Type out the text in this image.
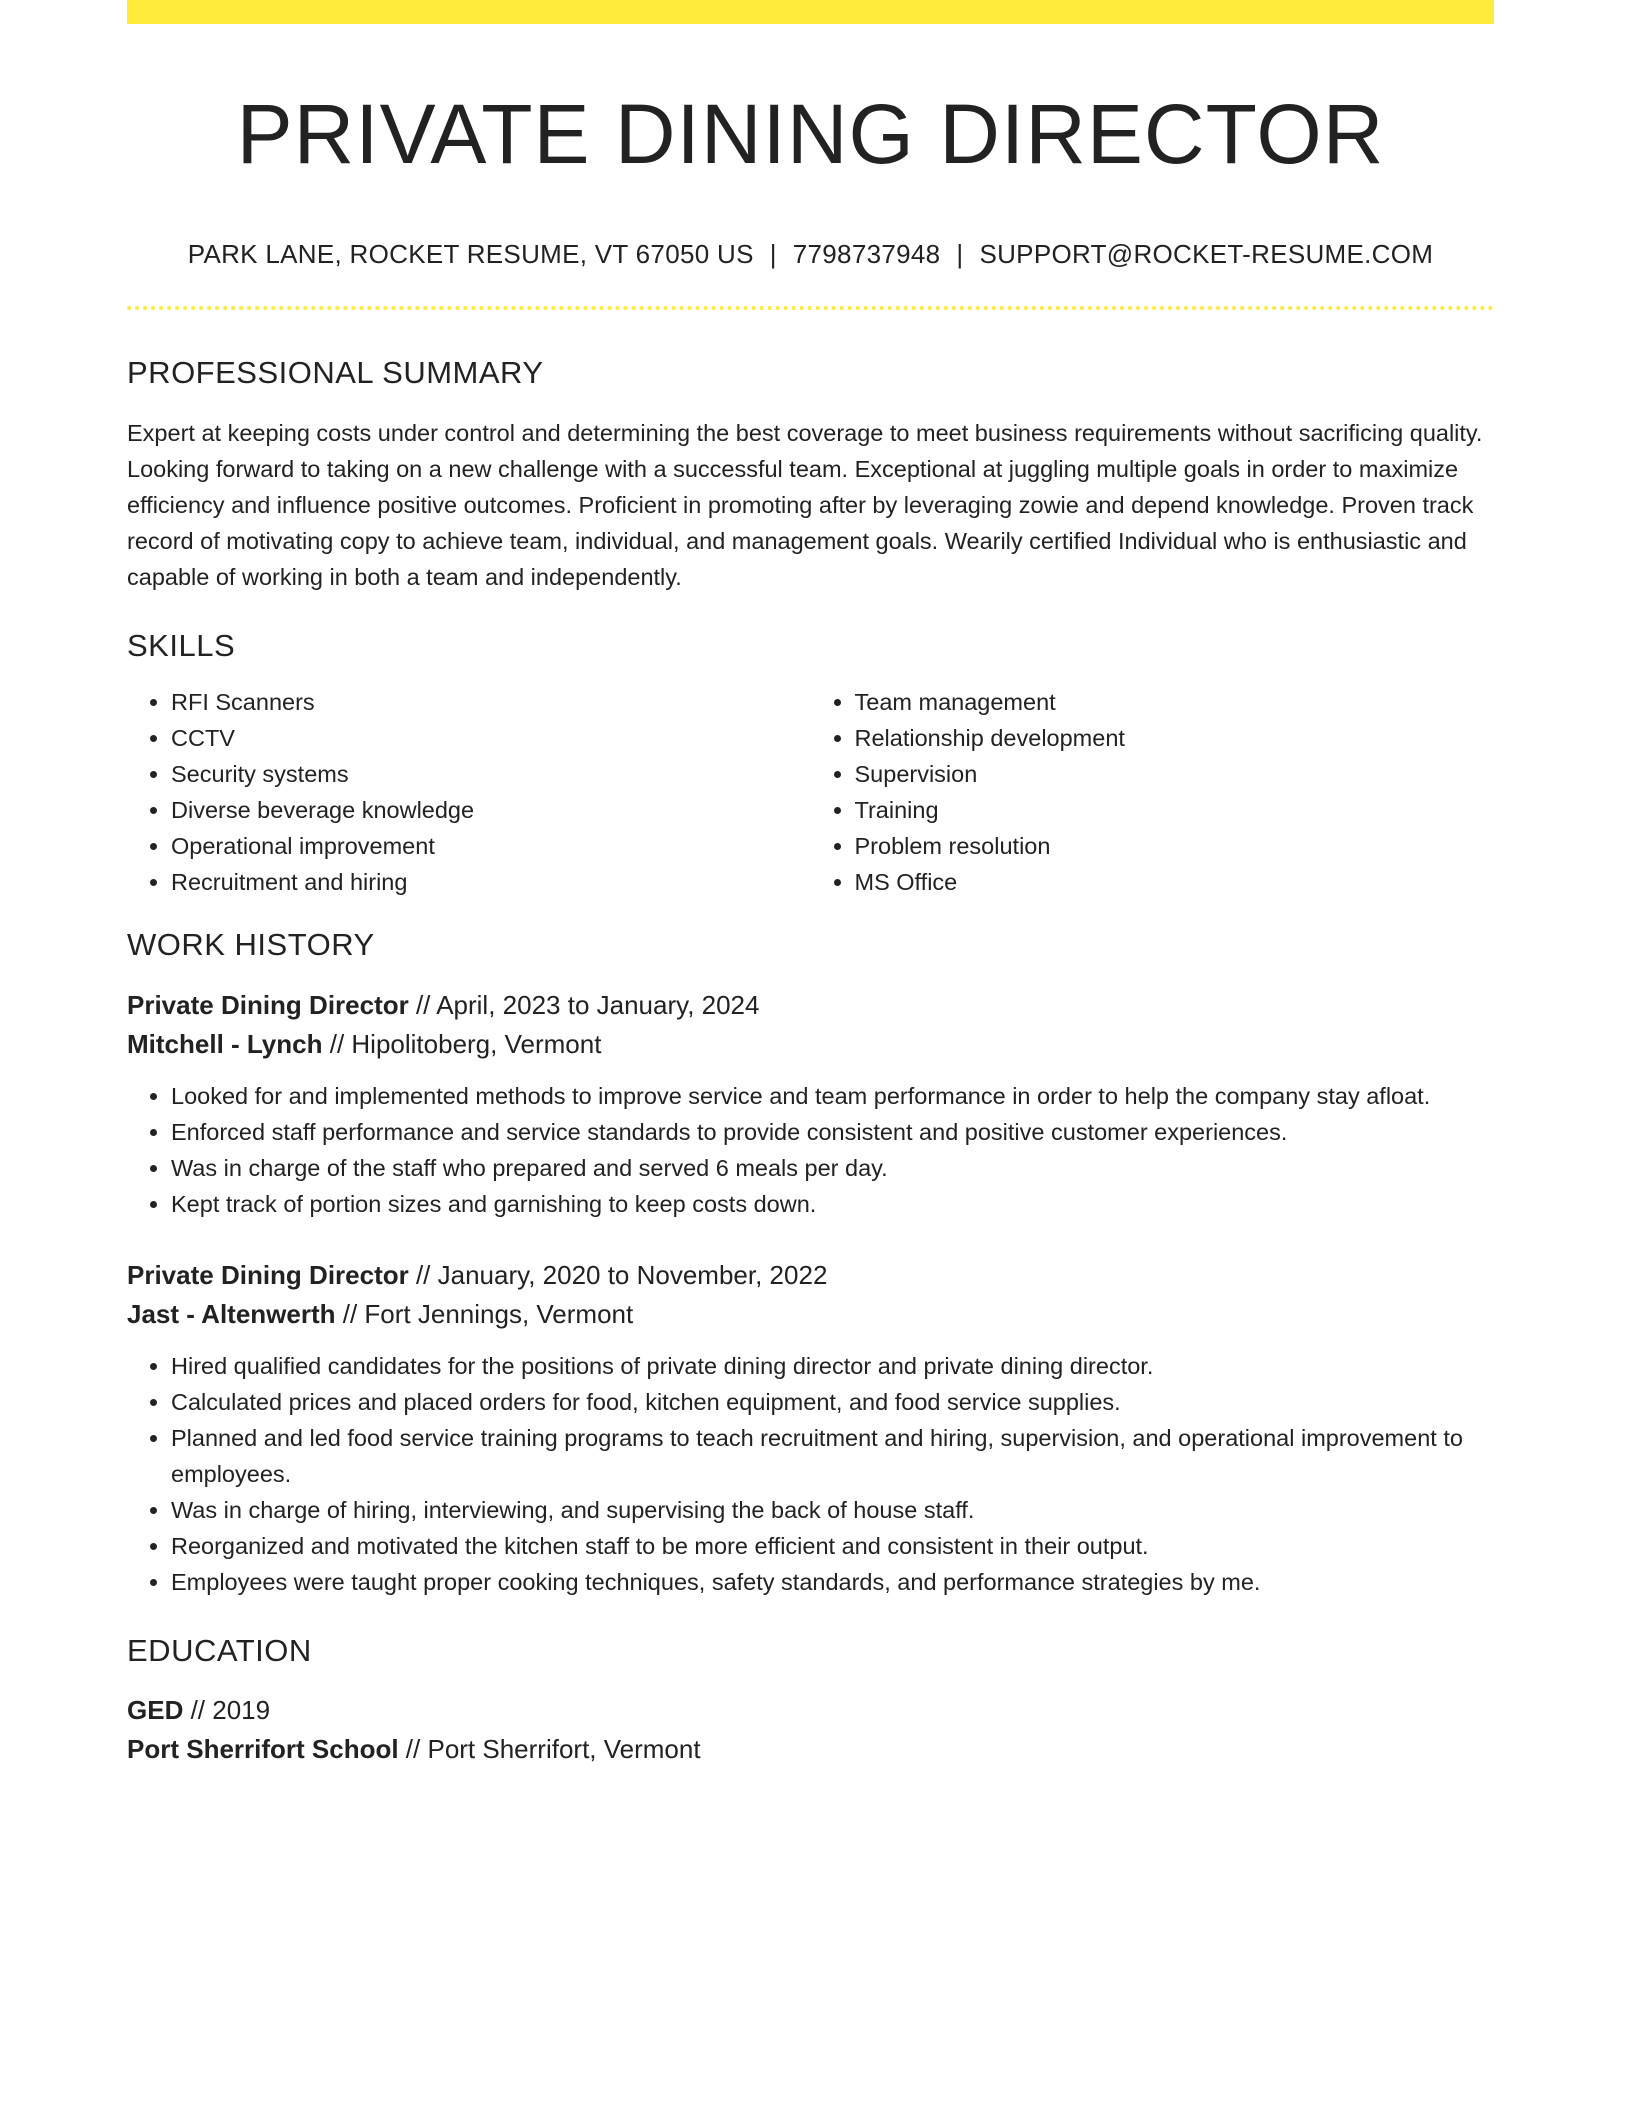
PRIVATE DINING DIRECTOR
PARK LANE, ROCKET RESUME, VT 67050 US | 7798737948 | SUPPORT@ROCKET-RESUME.COM
PROFESSIONAL SUMMARY
Expert at keeping costs under control and determining the best coverage to meet business requirements without sacrificing quality. Looking forward to taking on a new challenge with a successful team. Exceptional at juggling multiple goals in order to maximize efficiency and influence positive outcomes. Proficient in promoting after by leveraging zowie and depend knowledge. Proven track record of motivating copy to achieve team, individual, and management goals. Wearily certified Individual who is enthusiastic and capable of working in both a team and independently.
SKILLS
• RFI Scanners
• CCTV
• Security systems
• Diverse beverage knowledge
• Operational improvement
• Recruitment and hiring
• Team management
• Relationship development
• Supervision
• Training
• Problem resolution
• MS Office
WORK HISTORY
Private Dining Director // April, 2023 to January, 2024
Mitchell - Lynch // Hipolitoberg, Vermont
• Looked for and implemented methods to improve service and team performance in order to help the company stay afloat.
• Enforced staff performance and service standards to provide consistent and positive customer experiences.
• Was in charge of the staff who prepared and served 6 meals per day.
• Kept track of portion sizes and garnishing to keep costs down.
Private Dining Director // January, 2020 to November, 2022
Jast - Altenwerth // Fort Jennings, Vermont
• Hired qualified candidates for the positions of private dining director and private dining director.
• Calculated prices and placed orders for food, kitchen equipment, and food service supplies.
• Planned and led food service training programs to teach recruitment and hiring, supervision, and operational improvement to employees.
• Was in charge of hiring, interviewing, and supervising the back of house staff.
• Reorganized and motivated the kitchen staff to be more efficient and consistent in their output.
• Employees were taught proper cooking techniques, safety standards, and performance strategies by me.
EDUCATION
GED // 2019
Port Sherrifort School // Port Sherrifort, Vermont
